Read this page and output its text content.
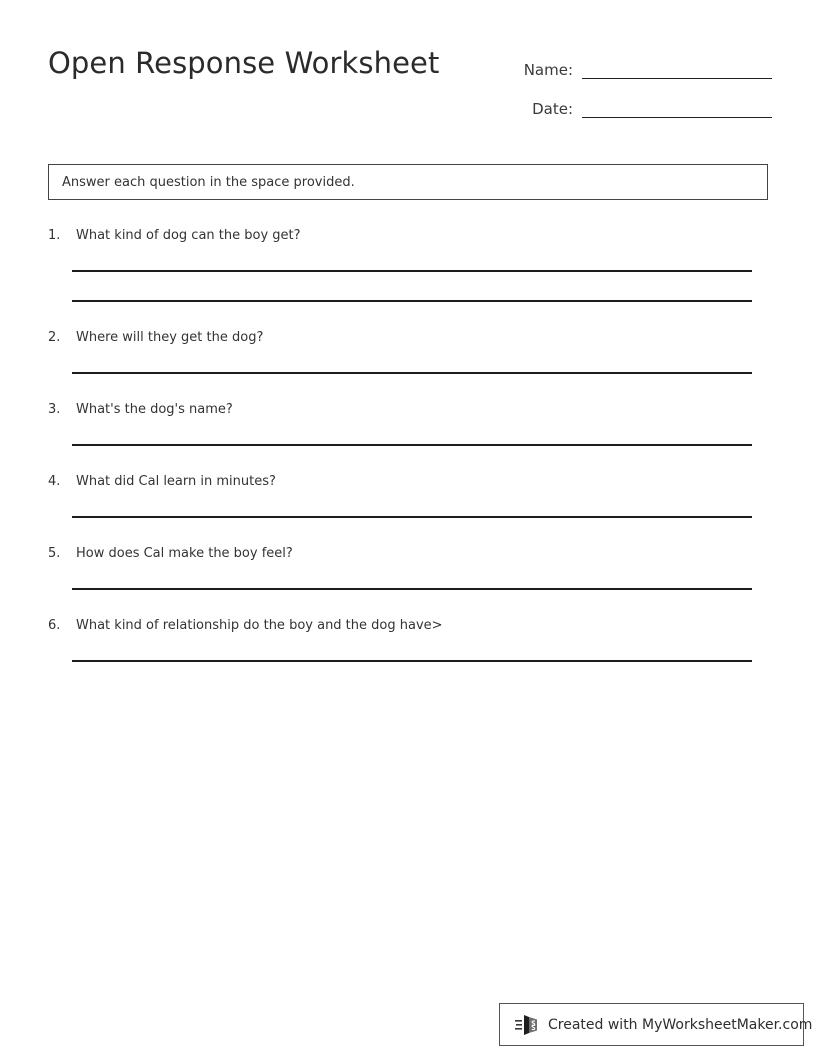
Open Response Worksheet	Name:
Date:
Answer each question in the space provided.
1. What kind of dog can the boy get?
2. Where will they get the dog?
3. What's the dog's name?
4. What did Cal learn in minutes?
5. How does Cal make the boy feel?
6. What kind of relationship do the boy and the dog have>
Created with MyWorksheetMaker.com
